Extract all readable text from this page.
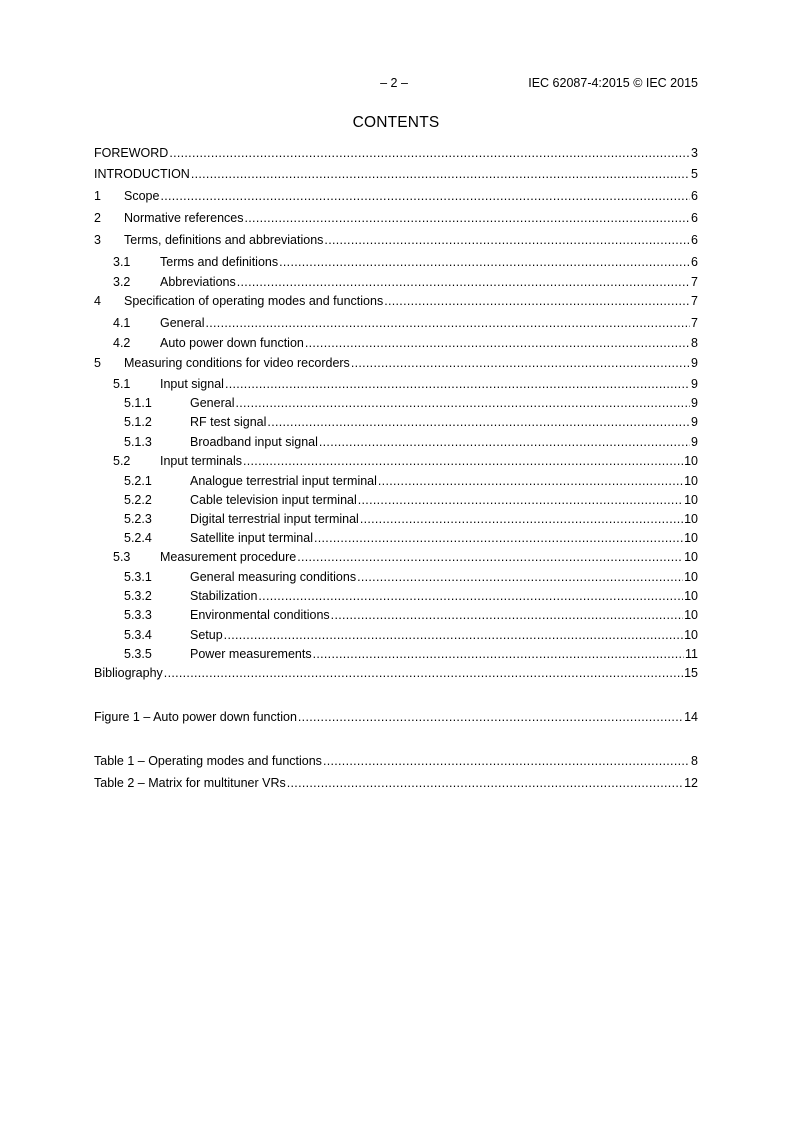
– 2 –	IEC 62087-4:2015 © IEC 2015
CONTENTS
FOREWORD .....	3
INTRODUCTION .....	5
1	Scope .....	6
2	Normative references .....	6
3	Terms, definitions and abbreviations .....	6
3.1	Terms and definitions .....	6
3.2	Abbreviations .....	7
4	Specification of operating modes and functions .....	7
4.1	General .....	7
4.2	Auto power down function .....	8
5	Measuring conditions for video recorders .....	9
5.1	Input signal .....	9
5.1.1	General .....	9
5.1.2	RF test signal .....	9
5.1.3	Broadband input signal .....	9
5.2	Input terminals .....	10
5.2.1	Analogue terrestrial input terminal .....	10
5.2.2	Cable television input terminal .....	10
5.2.3	Digital terrestrial input terminal .....	10
5.2.4	Satellite input terminal .....	10
5.3	Measurement procedure .....	10
5.3.1	General measuring conditions .....	10
5.3.2	Stabilization .....	10
5.3.3	Environmental conditions .....	10
5.3.4	Setup .....	10
5.3.5	Power measurements .....	11
Bibliography .....	15
Figure 1 – Auto power down function .....	14
Table 1 – Operating modes and functions .....	8
Table 2 – Matrix for multituner VRs .....	12
